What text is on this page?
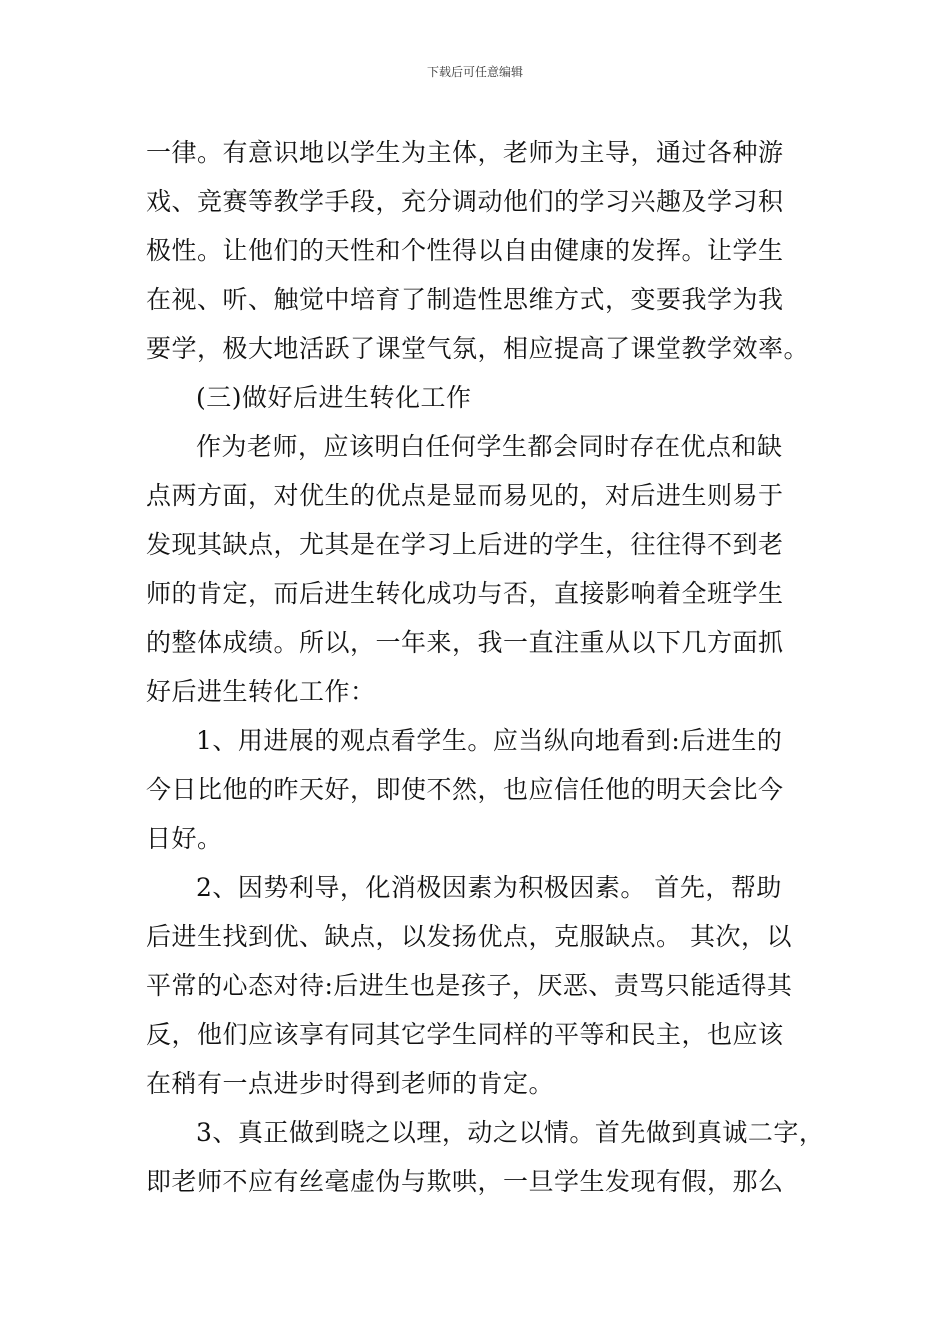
下载后可任意编辑
一律。有意识地以学生为主体，老师为主导，通过各种游
戏、竞赛等教学手段，充分调动他们的学习兴趣及学习积
极性。让他们的天性和个性得以自由健康的发挥。让学生
在视、听、触觉中培育了制造性思维方式，变要我学为我
要学，极大地活跃了课堂气氛，相应提高了课堂教学效率。
(三)做好后进生转化工作
作为老师，应该明白任何学生都会同时存在优点和缺
点两方面，对优生的优点是显而易见的，对后进生则易于
发现其缺点，尤其是在学习上后进的学生，往往得不到老
师的肯定，而后进生转化成功与否，直接影响着全班学生
的整体成绩。所以，一年来，我一直注重从以下几方面抓
好后进生转化工作：
1、用进展的观点看学生。应当纵向地看到:后进生的
今日比他的昨天好，即使不然，也应信任他的明天会比今
日好。
2、因势利导，化消极因素为积极因素。 首先，帮助
后进生找到优、缺点，以发扬优点，克服缺点。 其次，以
平常的心态对待:后进生也是孩子，厌恶、责骂只能适得其
反，他们应该享有同其它学生同样的平等和民主，也应该
在稍有一点进步时得到老师的肯定。
3、真正做到晓之以理，动之以情。首先做到真诚二字，
即老师不应有丝毫虚伪与欺哄，一旦学生发现有假，那么
